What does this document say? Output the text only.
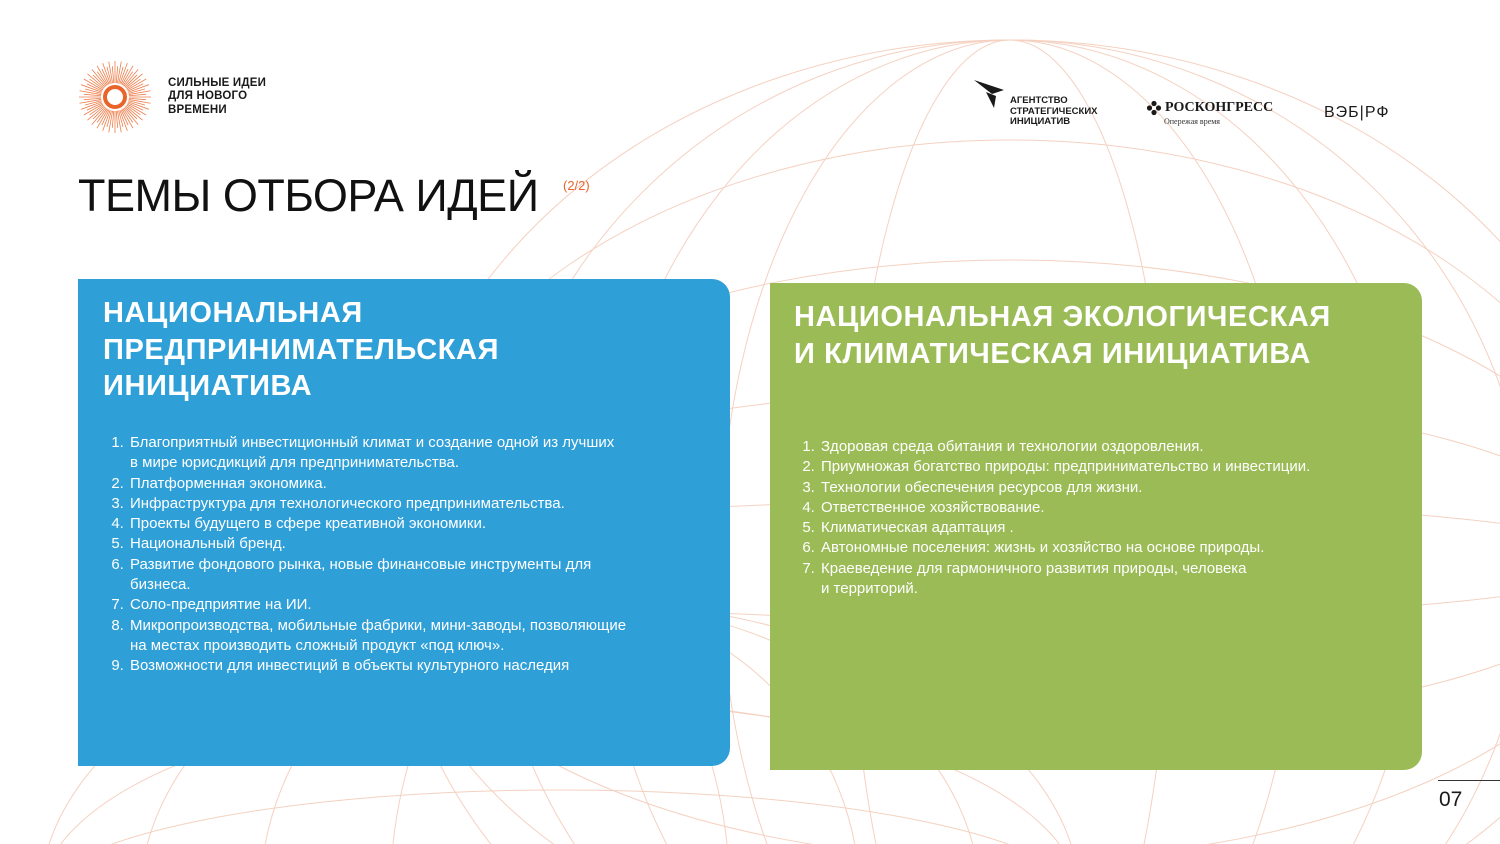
СИЛЬНЫЕ ИДЕИ
ДЛЯ НОВОГО
ВРЕМЕНИ
АГЕНТСТВО
СТРАТЕГИЧЕСКИХ
ИНИЦИАТИВ
РОСКОНГРЕСС
Опережая время
ВЭБ|РФ
ТЕМЫ ОТБОРА ИДЕЙ (2/2)
НАЦИОНАЛЬНАЯ
ПРЕДПРИНИМАТЕЛЬСКАЯ
ИНИЦИАТИВА
1. Благоприятный инвестиционный климат и создание одной из лучших
в мире юрисдикций для предпринимательства.
2. Платформенная экономика.
3. Инфраструктура для технологического предпринимательства.
4. Проекты будущего в сфере креативной экономики.
5. Национальный бренд.
6. Развитие фондового рынка, новые финансовые инструменты для
бизнеса.
7. Соло-предприятие на ИИ.
8. Микропроизводства, мобильные фабрики, мини-заводы, позволяющие
на местах производить сложный продукт «под ключ».
9. Возможности для инвестиций в объекты культурного наследия
НАЦИОНАЛЬНАЯ ЭКОЛОГИЧЕСКАЯ
И КЛИМАТИЧЕСКАЯ ИНИЦИАТИВА
1. Здоровая среда обитания и технологии оздоровления.
2. Приумножая богатство природы: предпринимательство и инвестиции.
3. Технологии обеспечения ресурсов для жизни.
4. Ответственное хозяйствование.
5. Климатическая адаптация .
6. Автономные поселения: жизнь и хозяйство на основе природы.
7. Краеведение для гармоничного развития природы, человека
и территорий.
07
